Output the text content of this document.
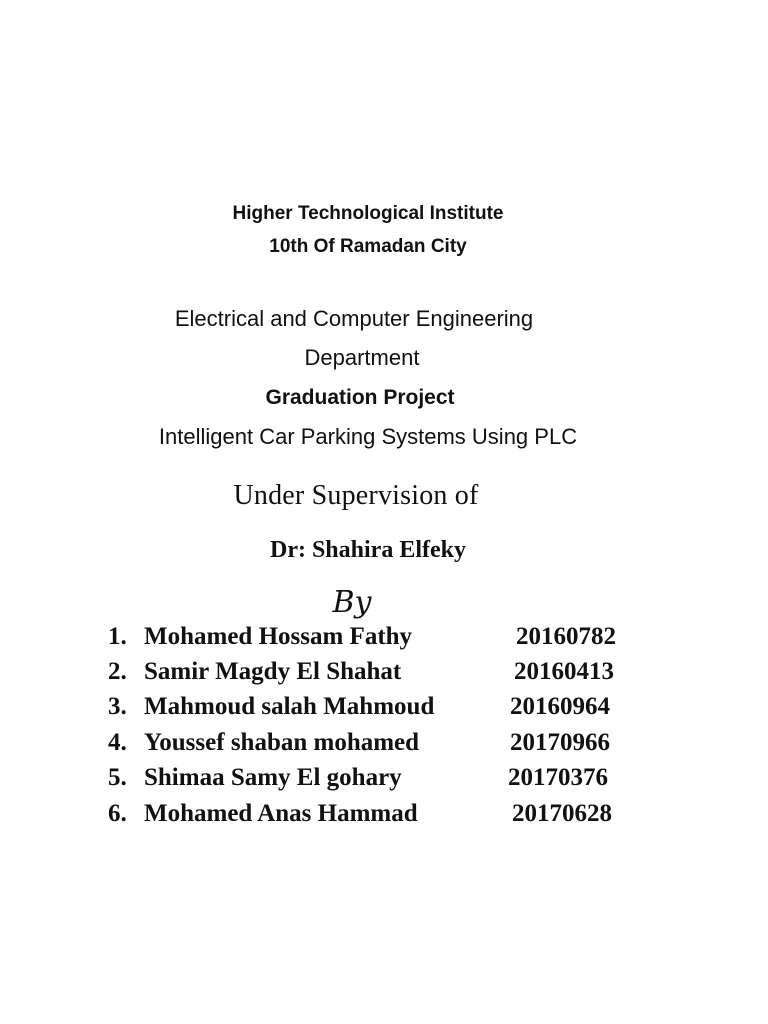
Higher Technological Institute
10th Of Ramadan City
Electrical and Computer Engineering
Department
Graduation Project
Intelligent Car Parking Systems Using PLC
Under Supervision of
Dr: Shahira Elfeky
By
1. Mohamed Hossam Fathy	20160782
2. Samir Magdy El Shahat	20160413
3. Mahmoud salah Mahmoud	20160964
4. Youssef shaban mohamed	20170966
5. Shimaa Samy El gohary	20170376
6. Mohamed Anas Hammad	20170628
